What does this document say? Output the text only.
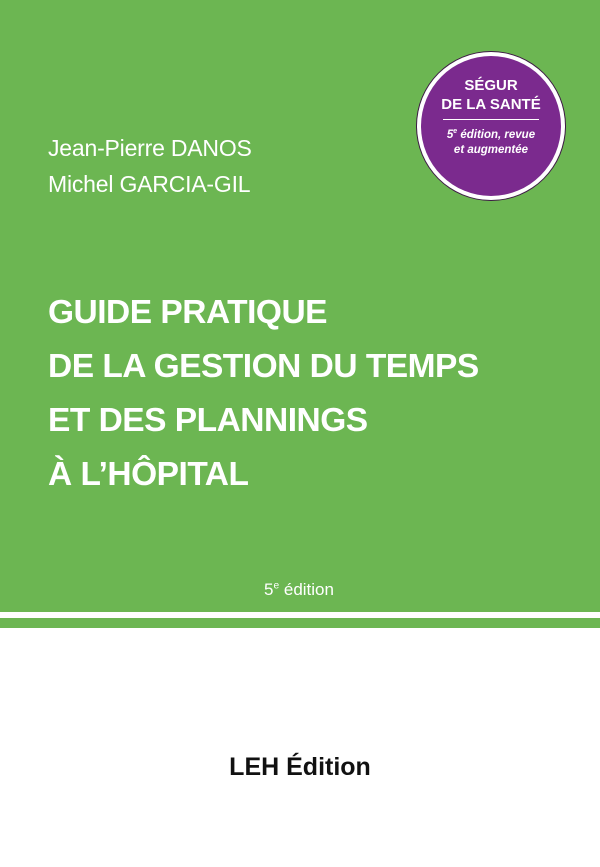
Jean-Pierre DANOS
Michel GARCIA-GIL
SÉGUR
DE LA SANTÉ
5e édition, revue
et augmentée
GUIDE PRATIQUE
DE LA GESTION DU TEMPS
ET DES PLANNINGS
À L’HÔPITAL
5e édition
LEH Édition
